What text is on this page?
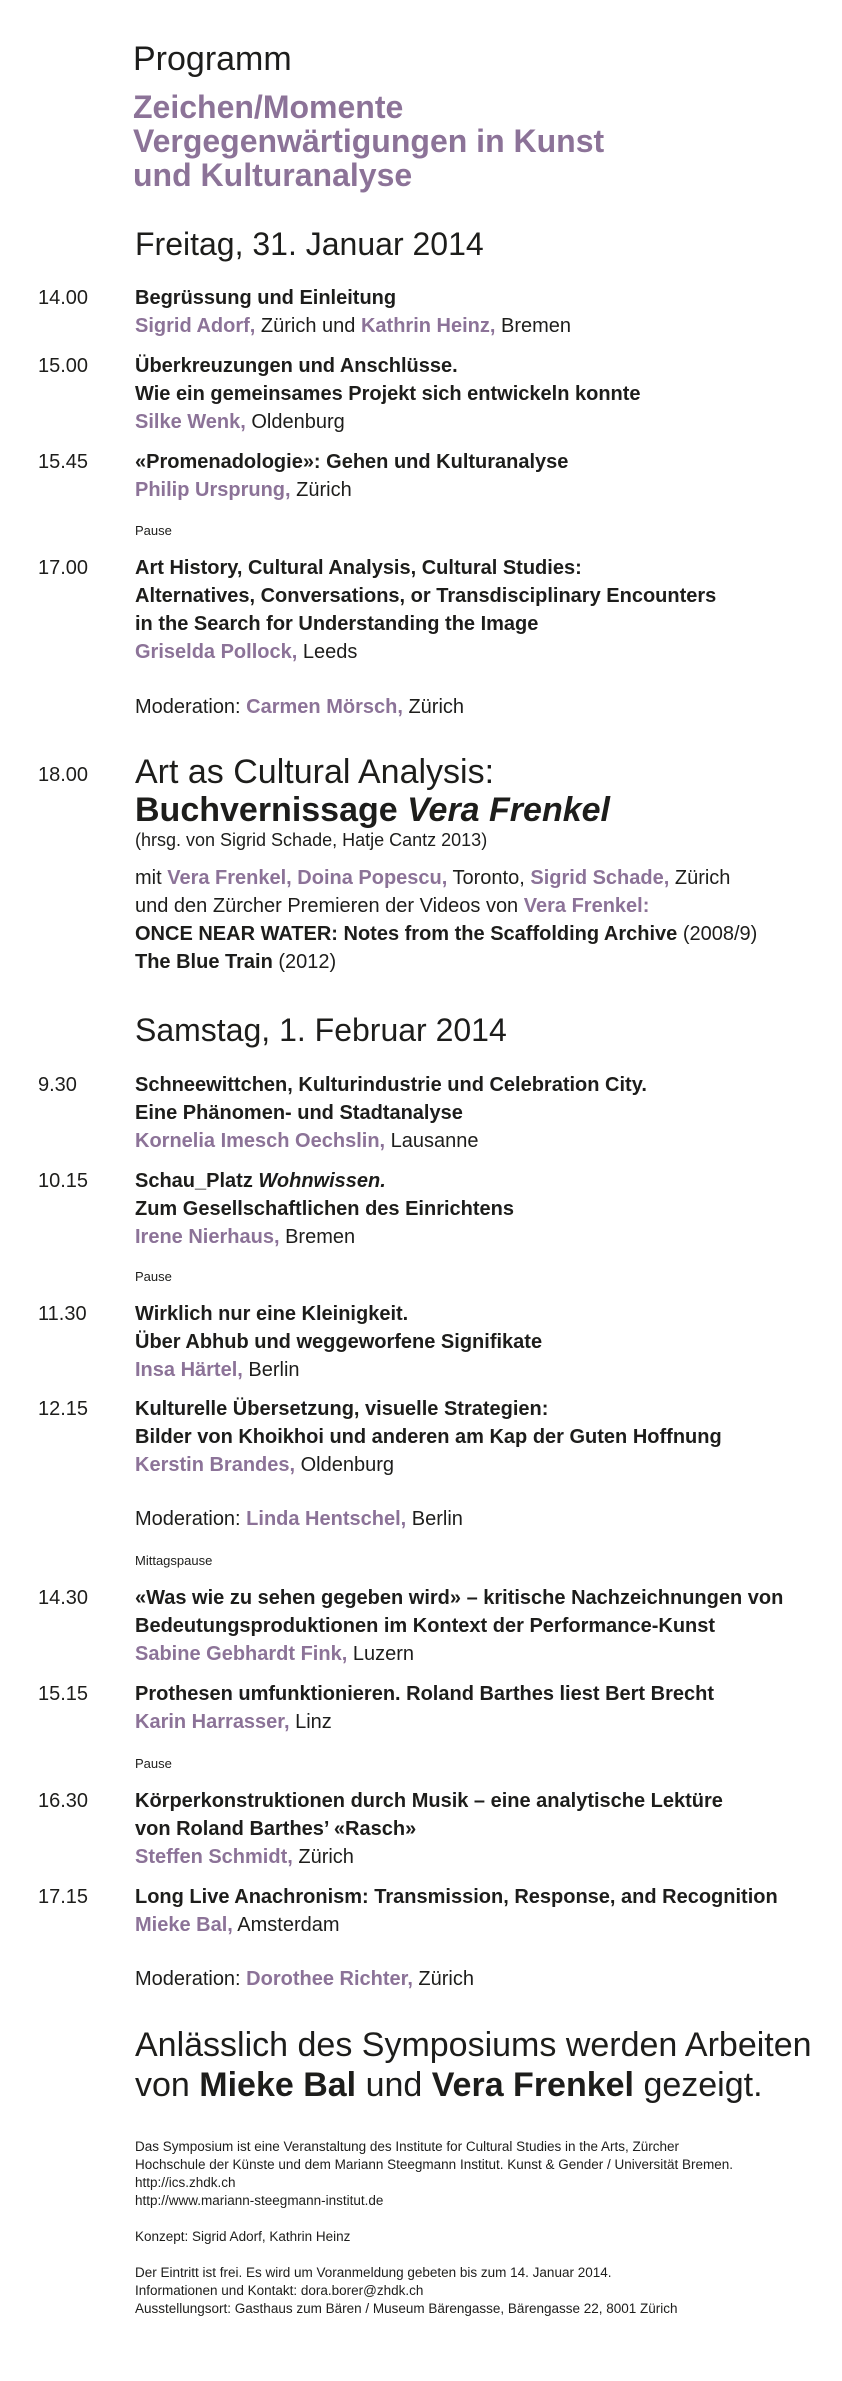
Programm
Zeichen/Momente
Vergegenwärtigungen in Kunst
und Kulturanalyse
Freitag, 31. Januar 2014
14.00 Begrüssung und Einleitung
Sigrid Adorf, Zürich und Kathrin Heinz, Bremen
15.00 Überkreuzungen und Anschlüsse.
Wie ein gemeinsames Projekt sich entwickeln konnte
Silke Wenk, Oldenburg
15.45 «Promenadologie»: Gehen und Kulturanalyse
Philip Ursprung, Zürich
Pause
17.00 Art History, Cultural Analysis, Cultural Studies:
Alternatives, Conversations, or Transdisciplinary Encounters
in the Search for Understanding the Image
Griselda Pollock, Leeds
Moderation: Carmen Mörsch, Zürich
18.00 Art as Cultural Analysis:
Buchvernissage Vera Frenkel
(hrsg. von Sigrid Schade, Hatje Cantz 2013)
mit Vera Frenkel, Doina Popescu, Toronto, Sigrid Schade, Zürich
und den Zürcher Premieren der Videos von Vera Frenkel:
ONCE NEAR WATER: Notes from the Scaffolding Archive (2008/9)
The Blue Train (2012)
Samstag, 1. Februar 2014
9.30	Schneewittchen, Kulturindustrie und Celebration City.
Eine Phänomen- und Stadtanalyse
Kornelia Imesch Oechslin, Lausanne
10.15 Schau_Platz Wohnwissen.
Zum Gesellschaftlichen des Einrichtens
Irene Nierhaus, Bremen
Pause
11.30 Wirklich nur eine Kleinigkeit.
Über Abhub und weggeworfene Signifikate
Insa Härtel, Berlin
12.15 Kulturelle Übersetzung, visuelle Strategien:
Bilder von Khoikhoi und anderen am Kap der Guten Hoffnung
Kerstin Brandes, Oldenburg
Moderation: Linda Hentschel, Berlin
Mittagspause
14.30 «Was wie zu sehen gegeben wird» – kritische Nachzeichnungen von
Bedeutungsproduktionen im Kontext der Performance-Kunst
Sabine Gebhardt Fink, Luzern
15.15 Prothesen umfunktionieren. Roland Barthes liest Bert Brecht
Karin Harrasser, Linz
Pause
16.30 Körperkonstruktionen durch Musik – eine analytische Lektüre
von Roland Barthes’ «Rasch»
Steffen Schmidt, Zürich
17.15 Long Live Anachronism: Transmission, Response, and Recognition
Mieke Bal, Amsterdam
Moderation: Dorothee Richter, Zürich
Anlässlich des Symposiums werden Arbeiten
von Mieke Bal und Vera Frenkel gezeigt.

Das Symposium ist eine Veranstaltung des Institute for Cultural Studies in the Arts, Zürcher

Hochschule der Künste und dem Mariann Steegmann Institut. Kunst & Gender / Universität Bremen.

http://ics.zhdk.ch

http://www.mariann-steegmann-institut.de

Konzept: Sigrid Adorf, Kathrin Heinz

Der Eintritt ist frei. Es wird um Voranmeldung gebeten bis zum 14. Januar 2014.

Informationen und Kontakt: dora.borer@zhdk.ch

Ausstellungsort: Gasthaus zum Bären / Museum Bärengasse, Bärengasse 22, 8001 Zürich
